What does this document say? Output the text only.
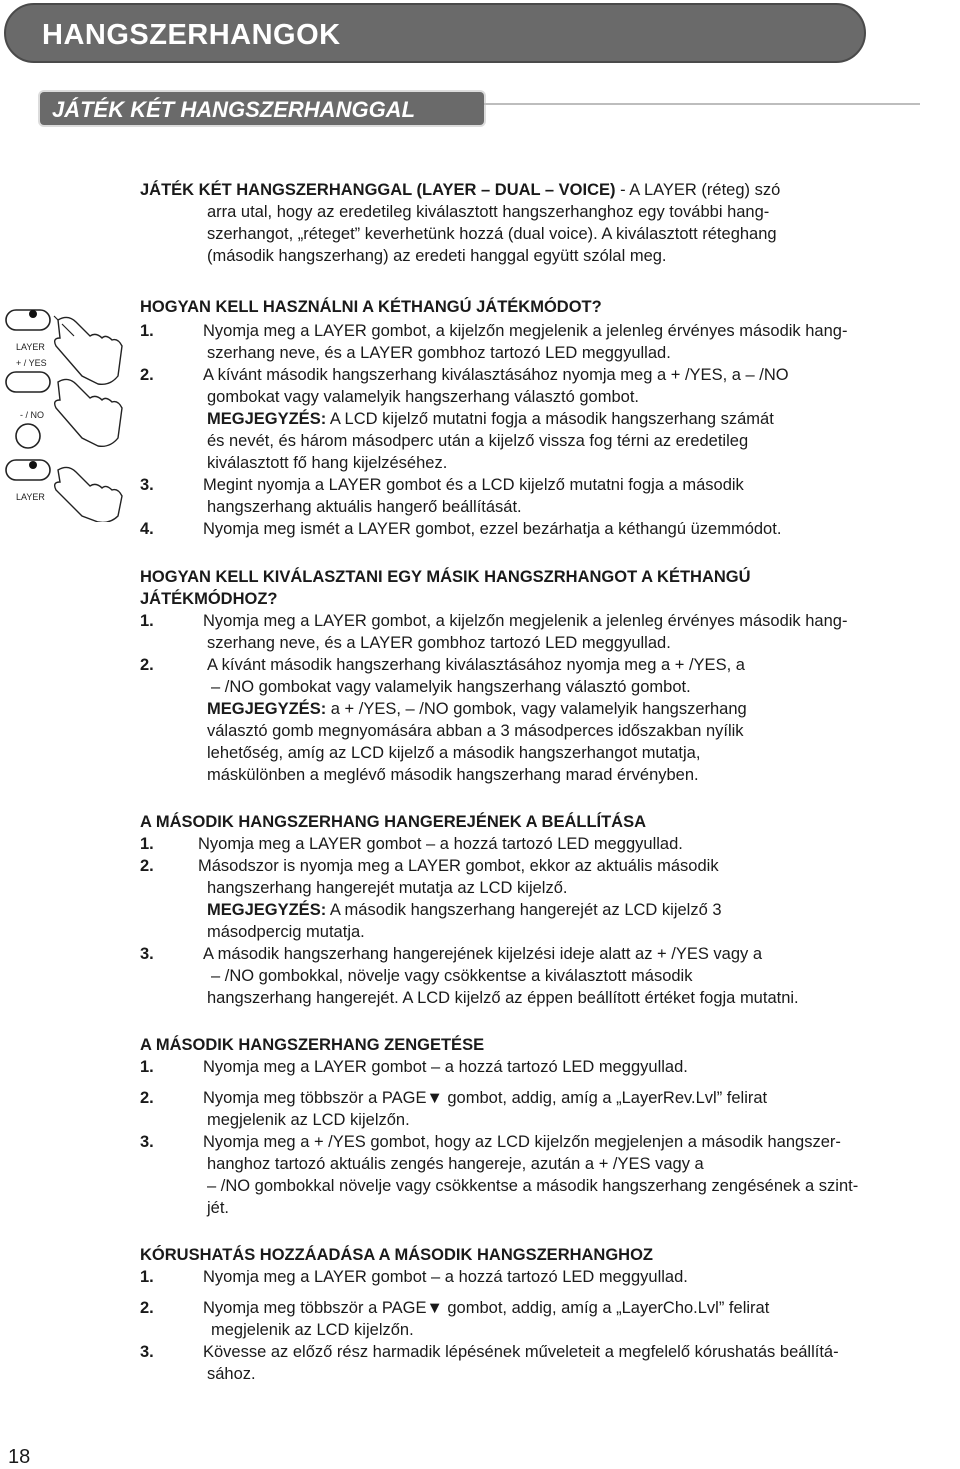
HANGSZERHANGOK
JÁTÉK KÉT HANGSZERHANGGAL
JÁTÉK KÉT HANGSZERHANGGAL (LAYER – DUAL – VOICE) - A LAYER (réteg) szó
arra utal, hogy az eredetileg kiválasztott hangszerhanghoz egy további hang-
szerhangot, „réteget” keverhetünk hozzá (dual voice). A kiválasztott réteghang
(második hangszerhang) az eredeti hanggal együtt szólal meg.
LAYER
+ / YES
- / NO
LAYER
HOGYAN KELL HASZNÁLNI A KÉTHANGÚ JÁTÉKMÓDOT?
1.	Nyomja meg a LAYER gombot, a kijelzőn megjelenik a jelenleg érvényes második hang-
szerhang neve, és a LAYER gombhoz tartozó LED meggyullad.
2.	A kívánt második hangszerhang kiválasztásához nyomja meg a + /YES, a – /NO
gombokat vagy valamelyik hangszerhang választó gombot.
MEGJEGYZÉS: A LCD kijelző mutatni fogja a második hangszerhang számát
és nevét, és három másodperc után a kijelző vissza fog térni az eredetileg
kiválasztott fő hang kijelzéséhez.
3.	Megint nyomja a LAYER gombot és a LCD kijelző mutatni fogja a második
hangszerhang aktuális hangerő beállítását.
4.	Nyomja meg ismét a LAYER gombot, ezzel bezárhatja a kéthangú üzemmódot.
HOGYAN KELL KIVÁLASZTANI EGY MÁSIK HANGSZRHANGOT A KÉTHANGÚ
JÁTÉKMÓDHOZ?
1.	Nyomja meg a LAYER gombot, a kijelzőn megjelenik a jelenleg érvényes második hang-
szerhang neve, és a LAYER gombhoz tartozó LED meggyullad.
2.	A kívánt második hangszerhang kiválasztásához nyomja meg a + /YES, a
– /NO gombokat vagy valamelyik hangszerhang választó gombot.
MEGJEGYZÉS: a + /YES, – /NO gombok, vagy valamelyik hangszerhang
választó gomb megnyomására abban a 3 másodperces időszakban nyílik
lehetőség, amíg az LCD kijelző a második hangszerhangot mutatja,
máskülönben a meglévő második hangszerhang marad érvényben.
A MÁSODIK HANGSZERHANG HANGEREJÉNEK A BEÁLLÍTÁSA
1.	Nyomja meg a LAYER gombot – a hozzá tartozó LED meggyullad.
2.	Másodszor is nyomja meg a LAYER gombot, ekkor az aktuális második
hangszerhang hangerejét mutatja az LCD kijelző.
MEGJEGYZÉS: A második hangszerhang hangerejét az LCD kijelző 3
másodpercig mutatja.
3.	A második hangszerhang hangerejének kijelzési ideje alatt az + /YES vagy a
– /NO gombokkal, növelje vagy csökkentse a kiválasztott második
hangszerhang hangerejét. A LCD kijelző az éppen beállított értéket fogja mutatni.
A MÁSODIK HANGSZERHANG ZENGETÉSE
1.	Nyomja meg a LAYER gombot – a hozzá tartozó LED meggyullad.
2.	Nyomja meg többször a PAGE▼ gombot, addig, amíg a „LayerRev.Lvl” felirat
megjelenik az LCD kijelzőn.
3.	Nyomja meg a + /YES gombot, hogy az LCD kijelzőn megjelenjen a második hangszer-
hanghoz tartozó aktuális zengés hangereje, azután a + /YES vagy a
– /NO gombokkal növelje vagy csökkentse a második hangszerhang zengésének a szint-
jét.
KÓRUSHATÁS HOZZÁADÁSA A MÁSODIK HANGSZERHANGHOZ
1.	Nyomja meg a LAYER gombot – a hozzá tartozó LED meggyullad.
2.	Nyomja meg többször a PAGE▼ gombot, addig, amíg a „LayerCho.Lvl” felirat
megjelenik az LCD kijelzőn.
3.	Kövesse az előző rész harmadik lépésének műveleteit a megfelelő kórushatás beállítá-
sához.
18
